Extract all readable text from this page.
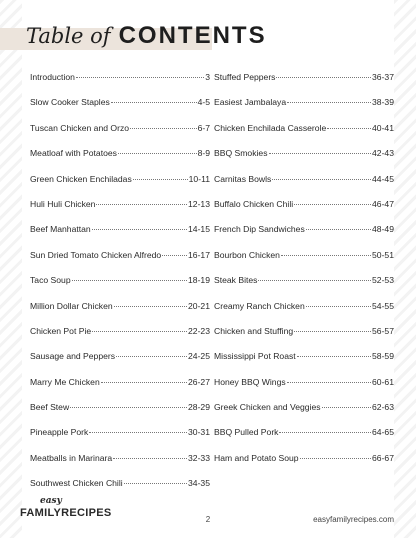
Table of CONTENTS
Introduction	3
Slow Cooker Staples	4-5
Tuscan Chicken and Orzo	6-7
Meatloaf with Potatoes	8-9
Green Chicken Enchiladas	10-11
Huli Huli Chicken	12-13
Beef Manhattan	14-15
Sun Dried Tomato Chicken Alfredo	16-17
Taco Soup	18-19
Million Dollar Chicken	20-21
Chicken Pot Pie	22-23
Sausage and Peppers	24-25
Marry Me Chicken	26-27
Beef Stew	28-29
Pineapple Pork	30-31
Meatballs in Marinara	32-33
Southwest Chicken Chili	34-35
Stuffed Peppers	36-37
Easiest Jambalaya	38-39
Chicken Enchilada Casserole	40-41
BBQ Smokies	42-43
Carnitas Bowls	44-45
Buffalo Chicken Chili	46-47
French Dip Sandwiches	48-49
Bourbon Chicken	50-51
Steak Bites	52-53
Creamy Ranch Chicken	54-55
Chicken and Stuffing	56-57
Mississippi Pot Roast	58-59
Honey BBQ Wings	60-61
Greek Chicken and Veggies	62-63
BBQ Pulled Pork	64-65
Ham and Potato Soup	66-67
easy
FAMILYRECIPES
2	easyfamilyrecipes.com
